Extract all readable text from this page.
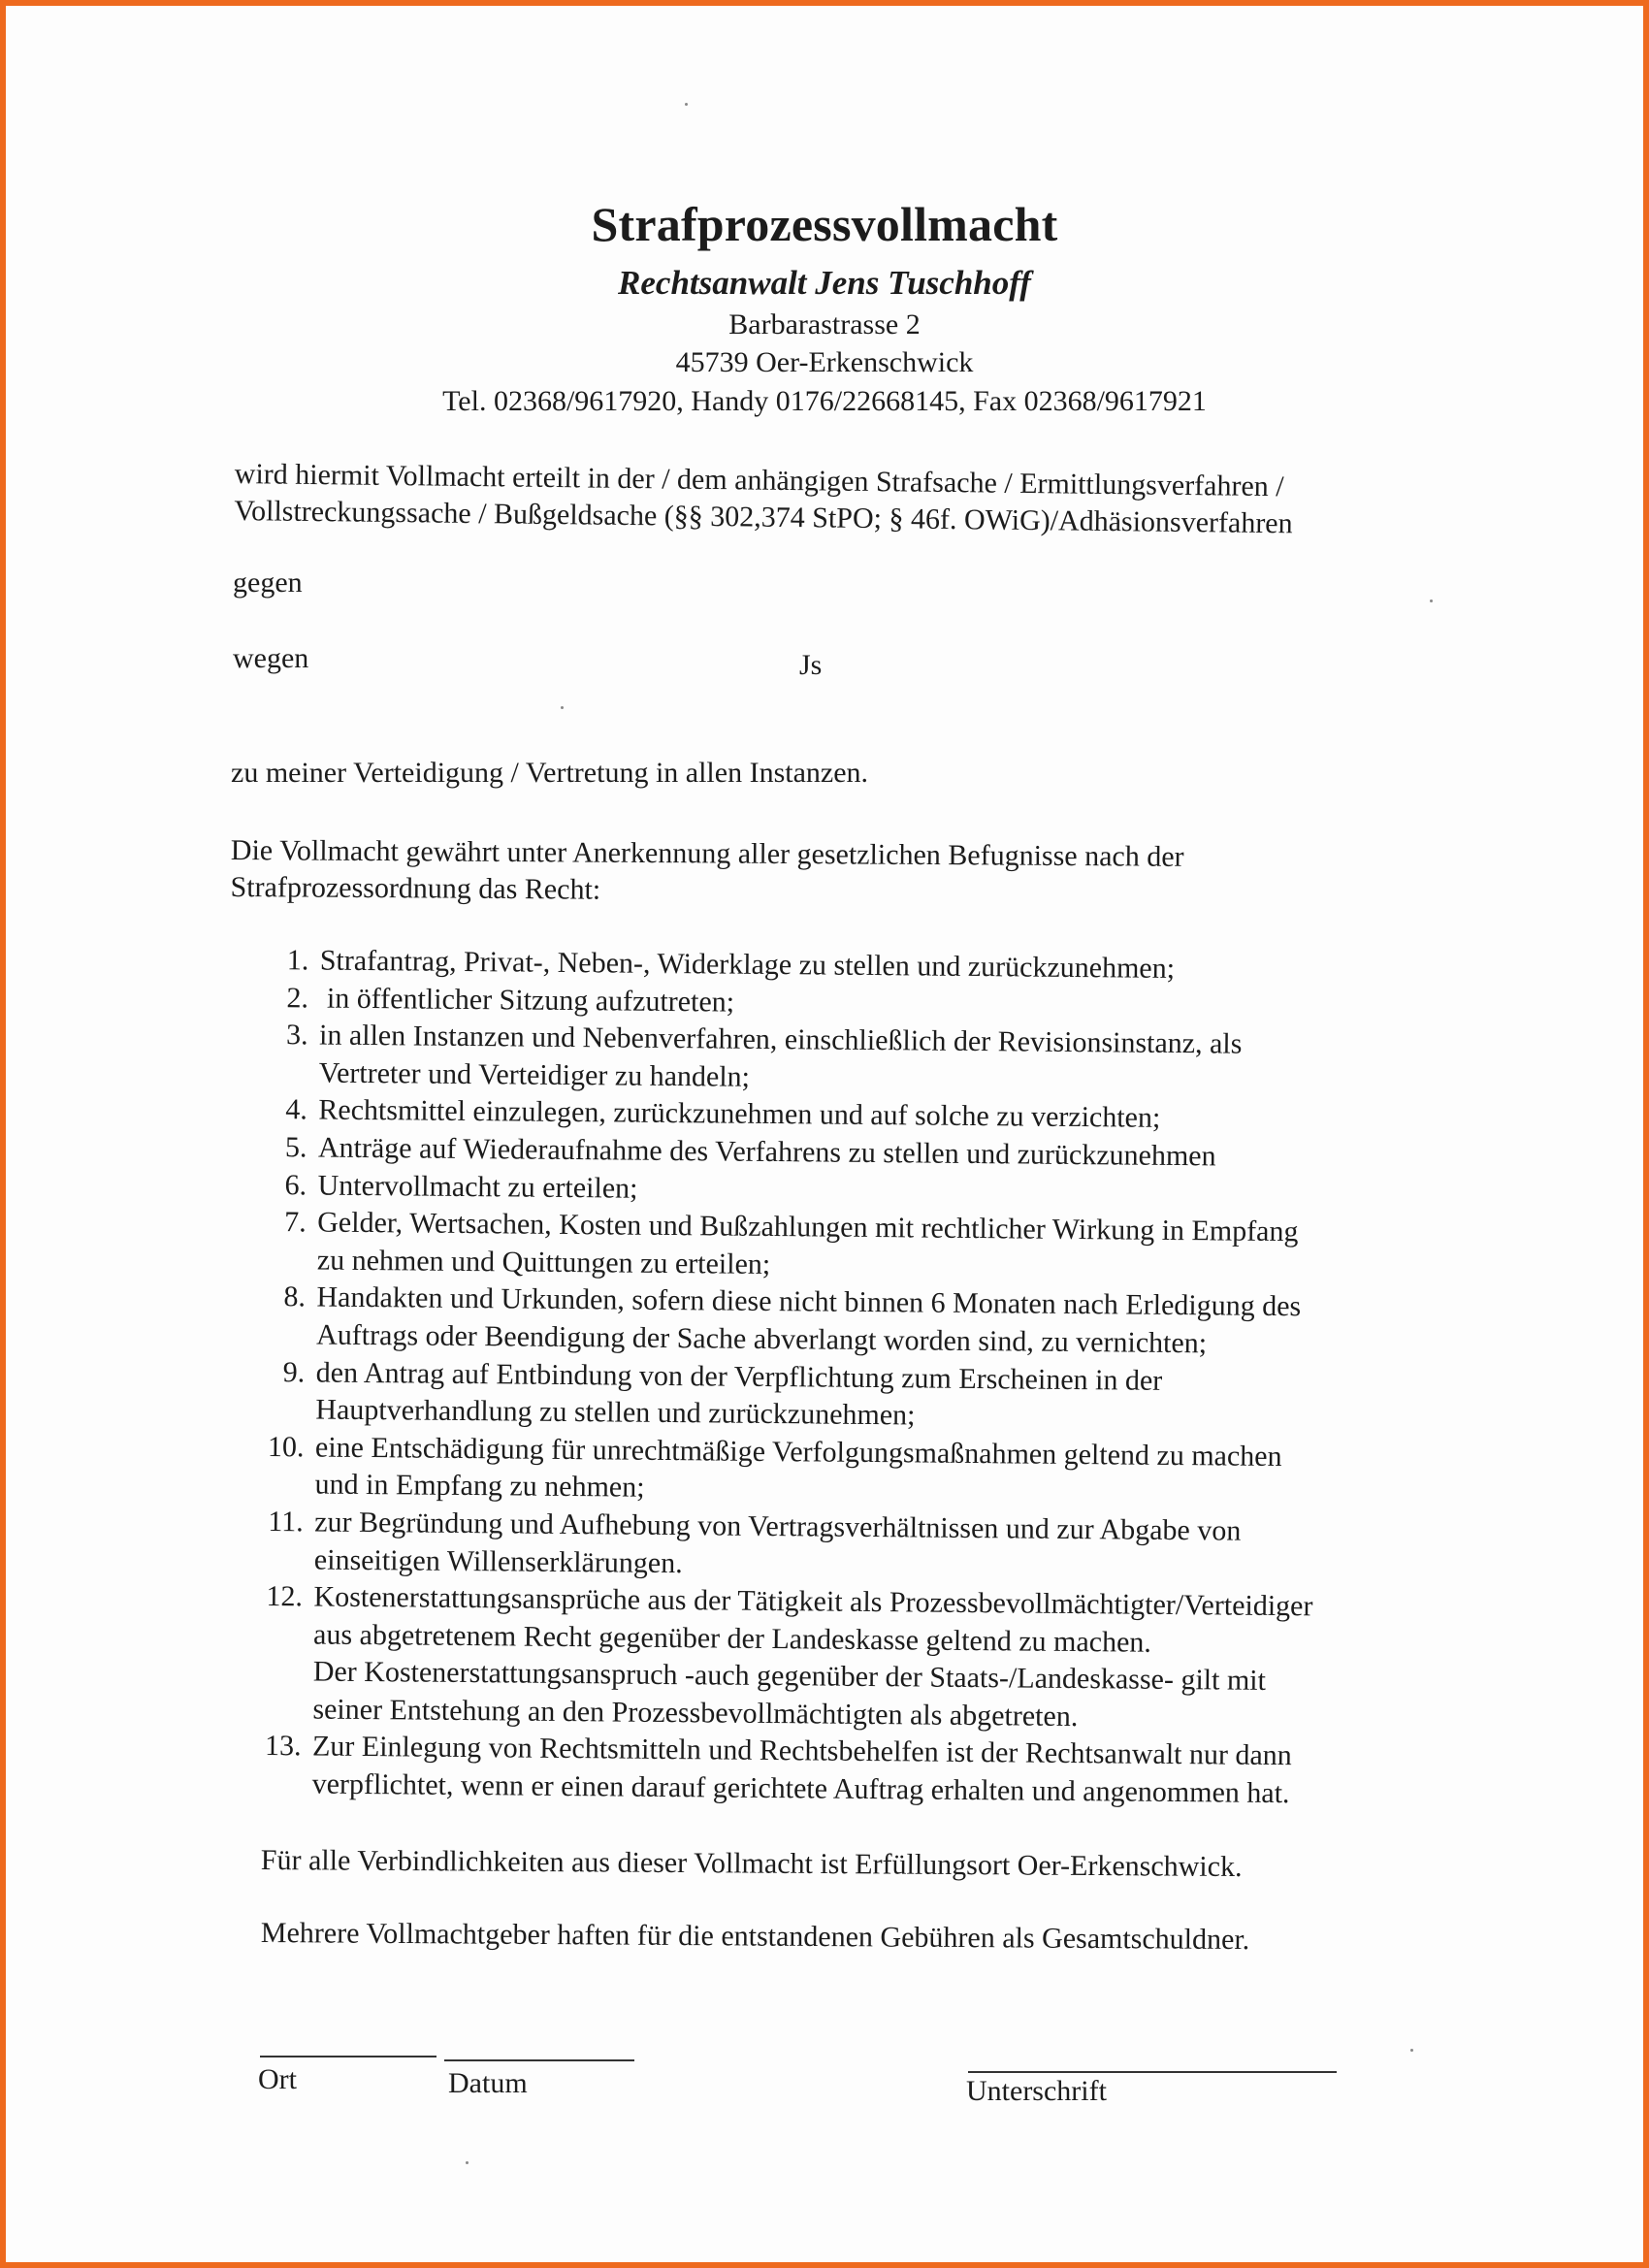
Strafprozessvollmacht
Rechtsanwalt Jens Tuschhoff
Barbarastrasse 2
45739 Oer-Erkenschwick
Tel. 02368/9617920, Handy 0176/22668145, Fax 02368/9617921
wird hiermit Vollmacht erteilt in der / dem anhängigen Strafsache / Ermittlungsverfahren /
Vollstreckungssache / Bußgeldsache (§§ 302,374 StPO; § 46f. OWiG)/Adhäsionsverfahren
gegen
wegen	Js
zu meiner Verteidigung / Vertretung in allen Instanzen.
Die Vollmacht gewährt unter Anerkennung aller gesetzlichen Befugnisse nach der
Strafprozessordnung das Recht:
1. Strafantrag, Privat-, Neben-, Widerklage zu stellen und zurückzunehmen;
2.  in öffentlicher Sitzung aufzutreten;
3. in allen Instanzen und Nebenverfahren, einschließlich der Revisionsinstanz, als
Vertreter und Verteidiger zu handeln;
4. Rechtsmittel einzulegen, zurückzunehmen und auf solche zu verzichten;
5. Anträge auf Wiederaufnahme des Verfahrens zu stellen und zurückzunehmen
6. Untervollmacht zu erteilen;
7. Gelder, Wertsachen, Kosten und Bußzahlungen mit rechtlicher Wirkung in Empfang
zu nehmen und Quittungen zu erteilen;
8. Handakten und Urkunden, sofern diese nicht binnen 6 Monaten nach Erledigung des
Auftrags oder Beendigung der Sache abverlangt worden sind, zu vernichten;
9. den Antrag auf Entbindung von der Verpflichtung zum Erscheinen in der
Hauptverhandlung zu stellen und zurückzunehmen;
10. eine Entschädigung für unrechtmäßige Verfolgungsmaßnahmen geltend zu machen
und in Empfang zu nehmen;
11. zur Begründung und Aufhebung von Vertragsverhältnissen und zur Abgabe von
einseitigen Willenserklärungen.
12. Kostenerstattungsansprüche aus der Tätigkeit als Prozessbevollmächtigter/Verteidiger
aus abgetretenem Recht gegenüber der Landeskasse geltend zu machen.
Der Kostenerstattungsanspruch -auch gegenüber der Staats-/Landeskasse- gilt mit
seiner Entstehung an den Prozessbevollmächtigten als abgetreten.
13. Zur Einlegung von Rechtsmitteln und Rechtsbehelfen ist der Rechtsanwalt nur dann
verpflichtet, wenn er einen darauf gerichtete Auftrag erhalten und angenommen hat.
Für alle Verbindlichkeiten aus dieser Vollmacht ist Erfüllungsort Oer-Erkenschwick.
Mehrere Vollmachtgeber haften für die entstandenen Gebühren als Gesamtschuldner.
Ort	Datum	Unterschrift
